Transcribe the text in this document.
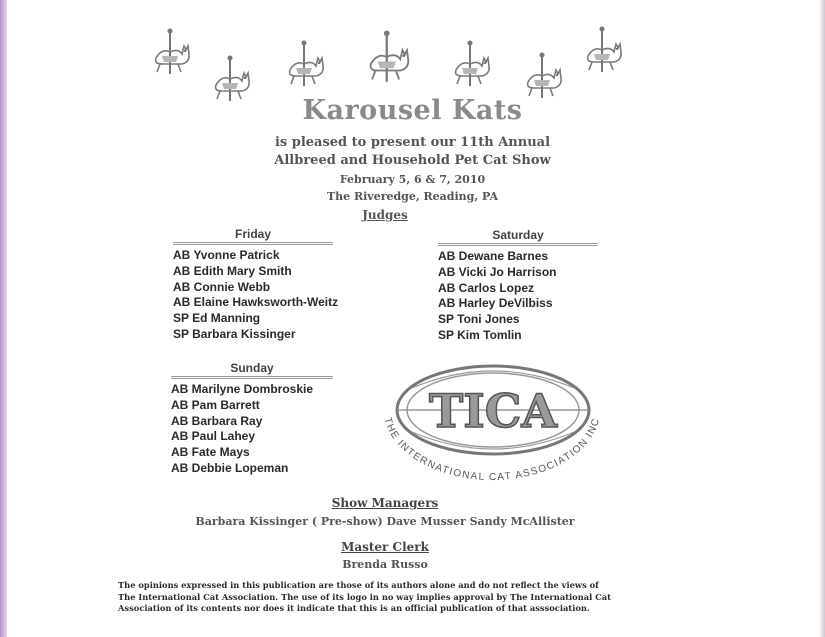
Karousel Kats
is pleased to present our 11th Annual
Allbreed and Household Pet Cat Show
February 5, 6 & 7, 2010
The Riveredge, Reading, PA
Judges
Friday
AB Yvonne Patrick
AB Edith Mary Smith
AB Connie Webb
AB Elaine Hawksworth-Weitz
SP Ed Manning
SP Barbara Kissinger
Saturday
AB Dewane Barnes
AB Vicki Jo Harrison
AB Carlos Lopez
AB Harley DeVilbiss
SP Toni Jones
SP Kim Tomlin
Sunday
AB Marilyne Dombroskie
AB Pam Barrett
AB Barbara Ray
AB Paul Lahey
AB Fate Mays
AB Debbie Lopeman
TICA
THE INTERNATIONAL CAT ASSOCIATION INC
Show Managers
Barbara Kissinger ( Pre-show) Dave Musser Sandy McAllister
Master Clerk
Brenda Russo
The opinions expressed in this publication are those of its authors alone and do not reflect the views of
The International Cat Association. The use of its logo in no way implies approval by The International Cat
Association of its contents nor does it indicate that this is an official publication of that asssociation.
